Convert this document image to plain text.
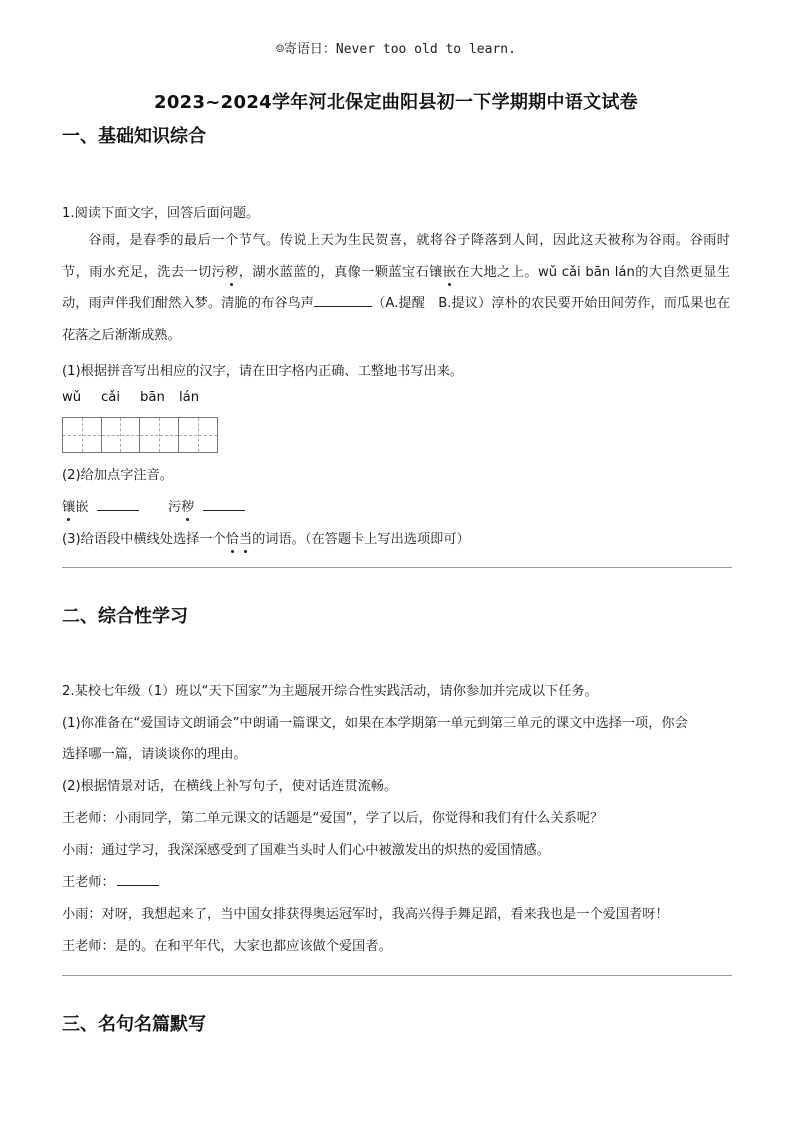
☺寄语日：Never too old to learn.
2023~2024学年河北保定曲阳县初一下学期期中语文试卷
一、基础知识综合
1.阅读下面文字，回答后面问题。
谷雨，是春季的最后一个节气。传说上天为生民贺喜，就将谷子降落到人间，因此这天被称为谷雨。谷雨时节，雨水充足，洗去一切污秽，湖水蓝蓝的，真像一颗蓝宝石镶嵌在大地之上。wǔ cǎi bān lán的大自然更显生动，雨声伴我们酣然入梦。清脆的布谷鸟声	（A.提醒　B.提议）淳朴的农民要开始田间劳作，而瓜果也在花落之后渐渐成熟。
(1)根据拼音写出相应的汉字，请在田字格内正确、工整地书写出来。
wǔ cǎi bān lán
(2)给加点字注音。
镶嵌	污秽
(3)给语段中横线处选择一个恰当的词语。（在答题卡上写出选项即可）
二、综合性学习
2.某校七年级（1）班以“天下国家”为主题展开综合性实践活动，请你参加并完成以下任务。
(1)你准备在“爱国诗文朗诵会”中朗诵一篇课文，如果在本学期第一单元到第三单元的课文中选择一项，你会
选择哪一篇，请谈谈你的理由。
(2)根据情景对话，在横线上补写句子，使对话连贯流畅。
王老师：小雨同学，第二单元课文的话题是“爱国”，学了以后，你觉得和我们有什么关系呢？
小雨：通过学习，我深深感受到了国难当头时人们心中被激发出的炽热的爱国情感。
王老师：
小雨：对呀，我想起来了，当中国女排获得奥运冠军时，我高兴得手舞足蹈，看来我也是一个爱国者呀！
王老师：是的。在和平年代，大家也都应该做个爱国者。
三、名句名篇默写
